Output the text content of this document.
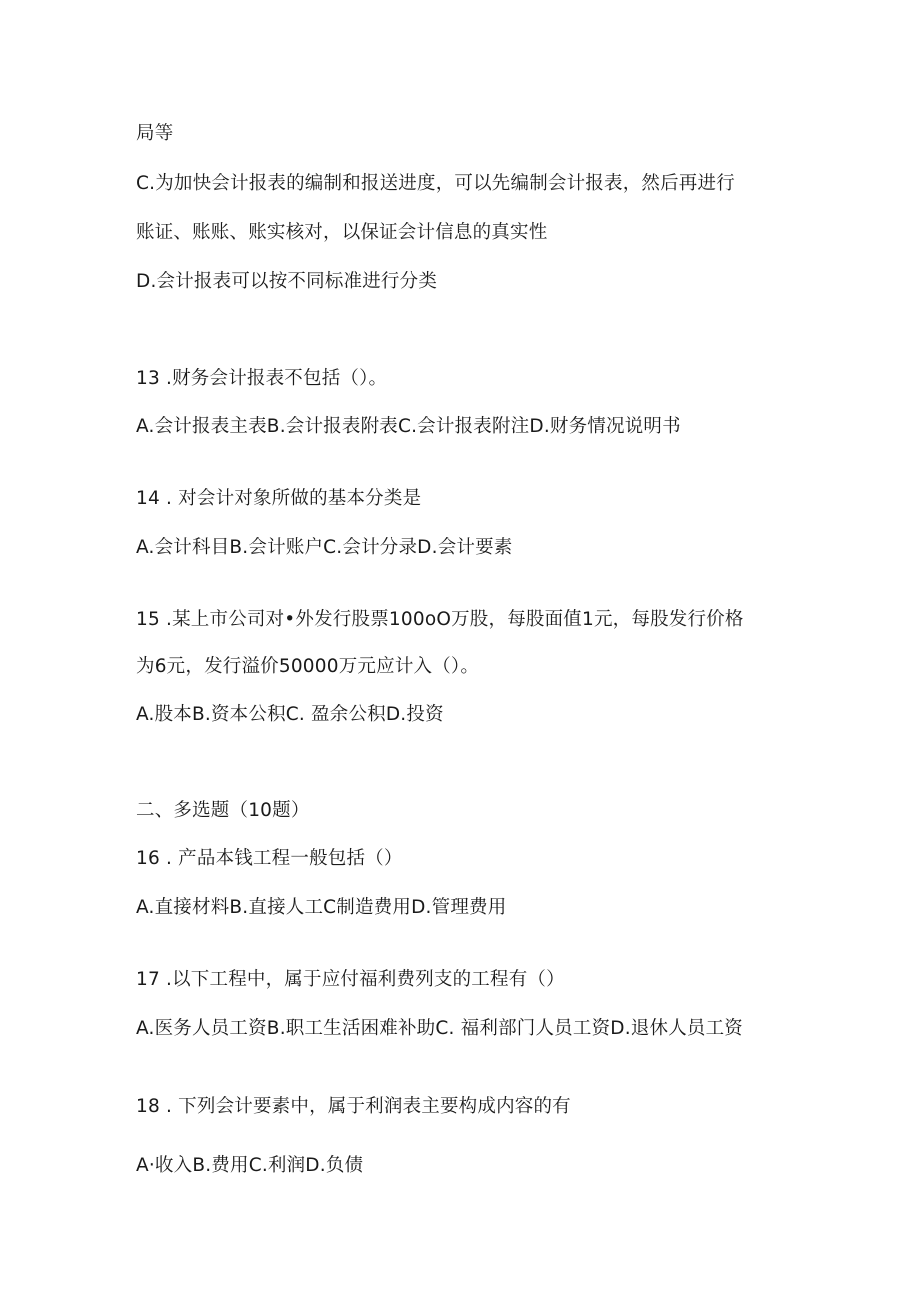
局等
C.为加快会计报表的编制和报送进度，可以先编制会计报表，然后再进行
账证、账账、账实核对，以保证会计信息的真实性
D.会计报表可以按不同标准进行分类
13 .财务会计报表不包括（）。
A.会计报表主表B.会计报表附表C.会计报表附注D.财务情况说明书
14 . 对会计对象所做的基本分类是
A.会计科目B.会计账户C.会计分录D.会计要素
15 .某上市公司对•外发行股票100oO万股，每股面值1元，每股发行价格
为6元，发行溢价50000万元应计入（）。
A.股本B.资本公积C. 盈余公积D.投资
二、多选题（10题）
16 . 产品本钱工程一般包括（）
A.直接材料B.直接人工C制造费用D.管理费用
17 .以下工程中，属于应付福利费列支的工程有（）
A.医务人员工资B.职工生活困难补助C. 福利部门人员工资D.退休人员工资
18 . 下列会计要素中，属于利润表主要构成内容的有
A·收入B.费用C.利润D.负债
